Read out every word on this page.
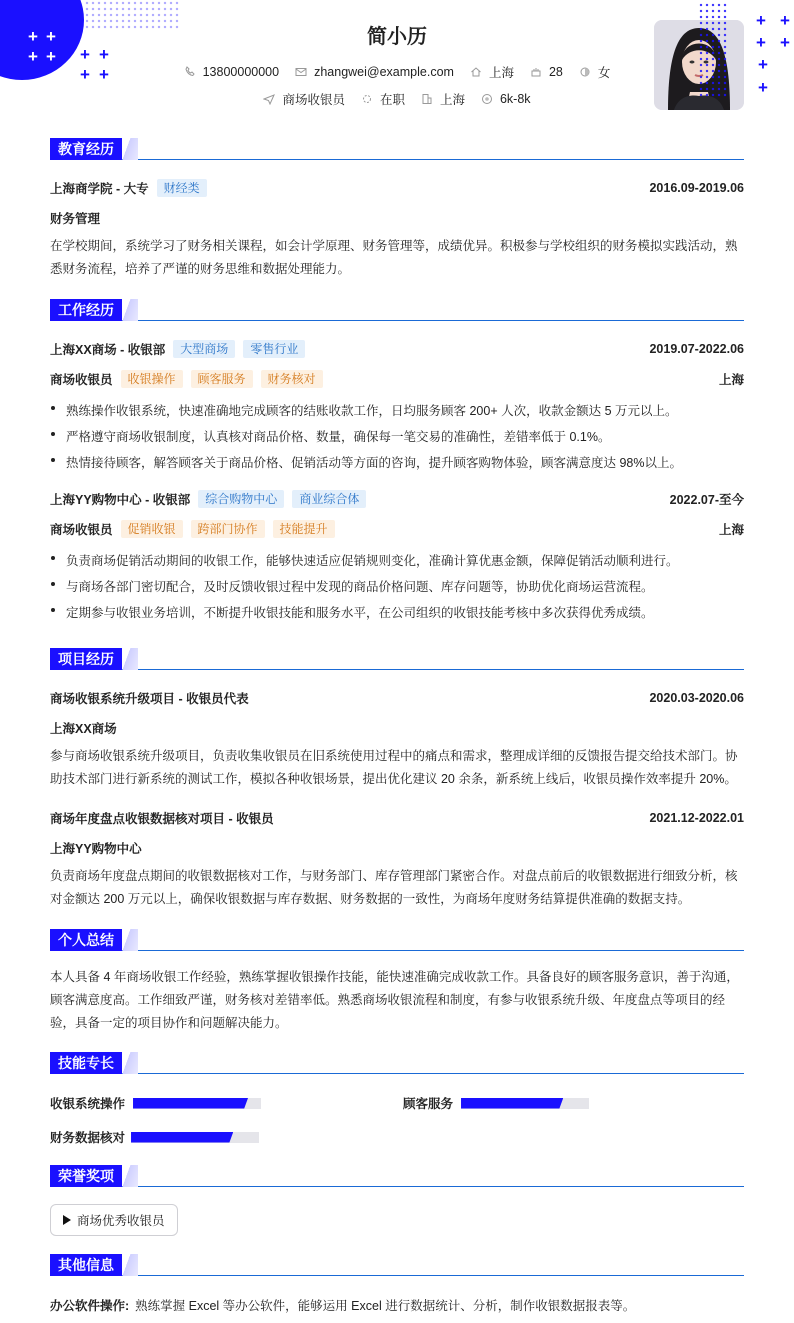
+ +
+ + + +
+ +
+ +
+ +
+
+
简小历
13800000000	zhangwei@example.com	上海	28	女
商场收银员	在职	上海	6k-8k
教育经历
上海商学院 - 大专	财经类	2016.09-2019.06
财务管理
在学校期间，系统学习了财务相关课程，如会计学原理、财务管理等，成绩优异。积极参与学校组织的财务模拟实践活动，熟悉财务流程，培养了严谨的财务思维和数据处理能力。
工作经历
上海XX商场 - 收银部	大型商场	零售行业	2019.07-2022.06
商场收银员	收银操作	顾客服务	财务核对	上海
熟练操作收银系统，快速准确地完成顾客的结账收款工作，日均服务顾客 200+ 人次，收款金额达 5 万元以上。
严格遵守商场收银制度，认真核对商品价格、数量，确保每一笔交易的准确性，差错率低于 0.1%。
热情接待顾客，解答顾客关于商品价格、促销活动等方面的咨询，提升顾客购物体验，顾客满意度达 98%以上。
上海YY购物中心 - 收银部	综合购物中心	商业综合体	2022.07-至今
商场收银员	促销收银	跨部门协作	技能提升	上海
负责商场促销活动期间的收银工作，能够快速适应促销规则变化，准确计算优惠金额，保障促销活动顺利进行。
与商场各部门密切配合，及时反馈收银过程中发现的商品价格问题、库存问题等，协助优化商场运营流程。
定期参与收银业务培训，不断提升收银技能和服务水平，在公司组织的收银技能考核中多次获得优秀成绩。
项目经历
商场收银系统升级项目 - 收银员代表	2020.03-2020.06
上海XX商场
参与商场收银系统升级项目，负责收集收银员在旧系统使用过程中的痛点和需求，整理成详细的反馈报告提交给技术部门。协助技术部门进行新系统的测试工作，模拟各种收银场景，提出优化建议 20 余条，新系统上线后，收银员操作效率提升 20%。
商场年度盘点收银数据核对项目 - 收银员	2021.12-2022.01
上海YY购物中心
负责商场年度盘点期间的收银数据核对工作，与财务部门、库存管理部门紧密合作。对盘点前后的收银数据进行细致分析，核对金额达 200 万元以上，确保收银数据与库存数据、财务数据的一致性，为商场年度财务结算提供准确的数据支持。
个人总结
本人具备 4 年商场收银工作经验，熟练掌握收银操作技能，能快速准确完成收款工作。具备良好的顾客服务意识，善于沟通，顾客满意度高。工作细致严谨，财务核对差错率低。熟悉商场收银流程和制度，有参与收银系统升级、年度盘点等项目的经验，具备一定的项目协作和问题解决能力。
技能专长
收银系统操作	顾客服务
财务数据核对
荣誉奖项
商场优秀收银员
其他信息
办公软件操作: 熟练掌握 Excel 等办公软件，能够运用 Excel 进行数据统计、分析，制作收银数据报表等。
